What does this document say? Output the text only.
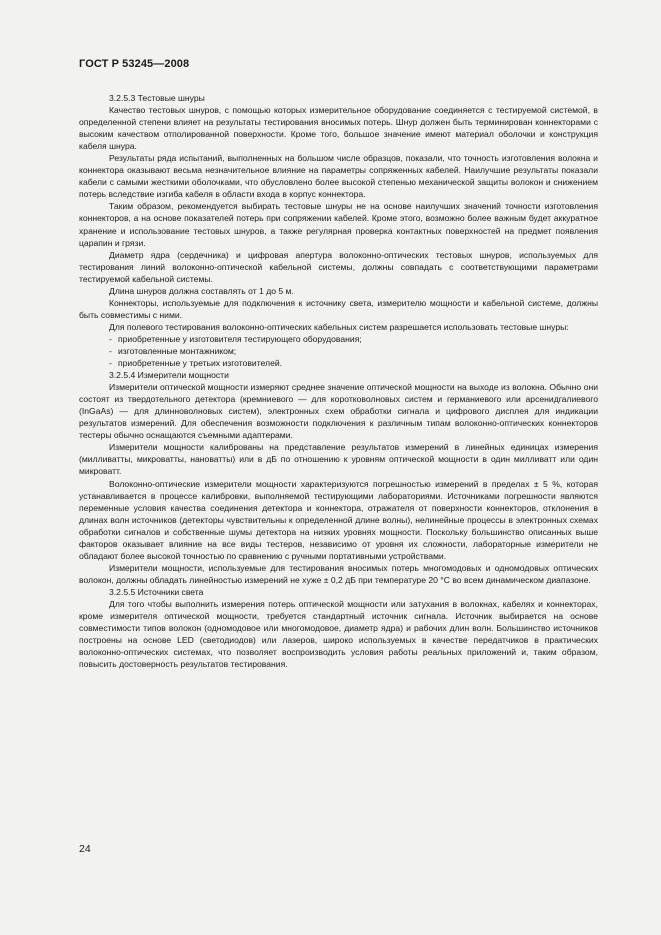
ГОСТ Р 53245—2008

3.2.5.3 Тестовые шнуры

Качество тестовых шнуров, с помощью которых измерительное оборудование соединяется с тестируемой системой, в определенной степени влияет на результаты тестирования вносимых потерь. Шнур должен быть терминирован коннекторами с высоким качеством отполированной поверхности. Кроме того, большое значение имеют материал оболочки и конструкция кабеля шнура.

Результаты ряда испытаний, выполненных на большом числе образцов, показали, что точность изготовления волокна и коннектора оказывают весьма незначительное влияние на параметры сопряженных кабелей. Наилучшие результаты показали кабели с самыми жесткими оболочками, что обусловлено более высокой степенью механической защиты волокон и снижением потерь вследствие изгиба кабеля в области входа в корпус коннектора.

Таким образом, рекомендуется выбирать тестовые шнуры не на основе наилучших значений точности изготовления коннекторов, а на основе показателей потерь при сопряжении кабелей. Кроме этого, возможно более важным будет аккуратное хранение и использование тестовых шнуров, а также регулярная проверка контактных поверхностей на предмет появления царапин и грязи.

Диаметр ядра (сердечника) и цифровая апертура волоконно-оптических тестовых шнуров, используемых для тестирования линий волоконно-оптической кабельной системы, должны совпадать с соответствующими параметрами тестируемой кабельной системы.

Длина шнуров должна составлять от 1 до 5 м.

Коннекторы, используемые для подключения к источнику света, измерителю мощности и кабельной системе, должны быть совместимы с ними.

Для полевого тестирования волоконно-оптических кабельных систем разрешается использовать тестовые шнуры:

- приобретенные у изготовителя тестирующего оборудования;
- изготовленные монтажником;
- приобретенные у третьих изготовителей.

3.2.5.4 Измерители мощности

Измерители оптической мощности измеряют среднее значение оптической мощности на выходе из волокна. Обычно они состоят из твердотельного детектора (кремниевого — для коротковолновых систем и германиевого или арсенидгалиевого (InGaAs) — для длинноволновых систем), электронных схем обработки сигнала и цифрового дисплея для индикации результатов измерений. Для обеспечения возможности подключения к различным типам волоконно-оптических коннекторов тестеры обычно оснащаются съемными адаптерами.

Измерители мощности калиброваны на представление результатов измерений в линейных единицах измерения (милливатты, микроватты, нановатты) или в дБ по отношению к уровням оптической мощности в один милливатт или один микроватт.

Волоконно-оптические измерители мощности характеризуются погрешностью измерений в пределах ± 5 %, которая устанавливается в процессе калибровки, выполняемой тестирующими лабораториями. Источниками погрешности являются переменные условия качества соединения детектора и коннектора, отражателя от поверхности коннекторов, отклонения в длинах волн источников (детекторы чувствительны к определенной длине волны), нелинейные процессы в электронных схемах обработки сигналов и собственные шумы детектора на низких уровнях мощности. Поскольку большинство описанных выше факторов оказывает влияние на все виды тестеров, независимо от уровня их сложности, лабораторные измерители не обладают более высокой точностью по сравнению с ручными портативными устройствами.

Измерители мощности, используемые для тестирования вносимых потерь многомодовых и одномодовых оптических волокон, должны обладать линейностью измерений не хуже ± 0,2 дБ при температуре 20 °С во всем динамическом диапазоне.

3.2.5.5 Источники света

Для того чтобы выполнить измерения потерь оптической мощности или затухания в волокнах, кабелях и коннекторах, кроме измерителя оптической мощности, требуется стандартный источник сигнала. Источник выбирается на основе совместимости типов волокон (одномодовое или многомодовое, диаметр ядра) и рабочих длин волн. Большинство источников построены на основе LED (светодиодов) или лазеров, широко используемых в качестве передатчиков в практических волоконно-оптических системах, что позволяет воспроизводить условия работы реальных приложений и, таким образом, повысить достоверность результатов тестирования.

24
